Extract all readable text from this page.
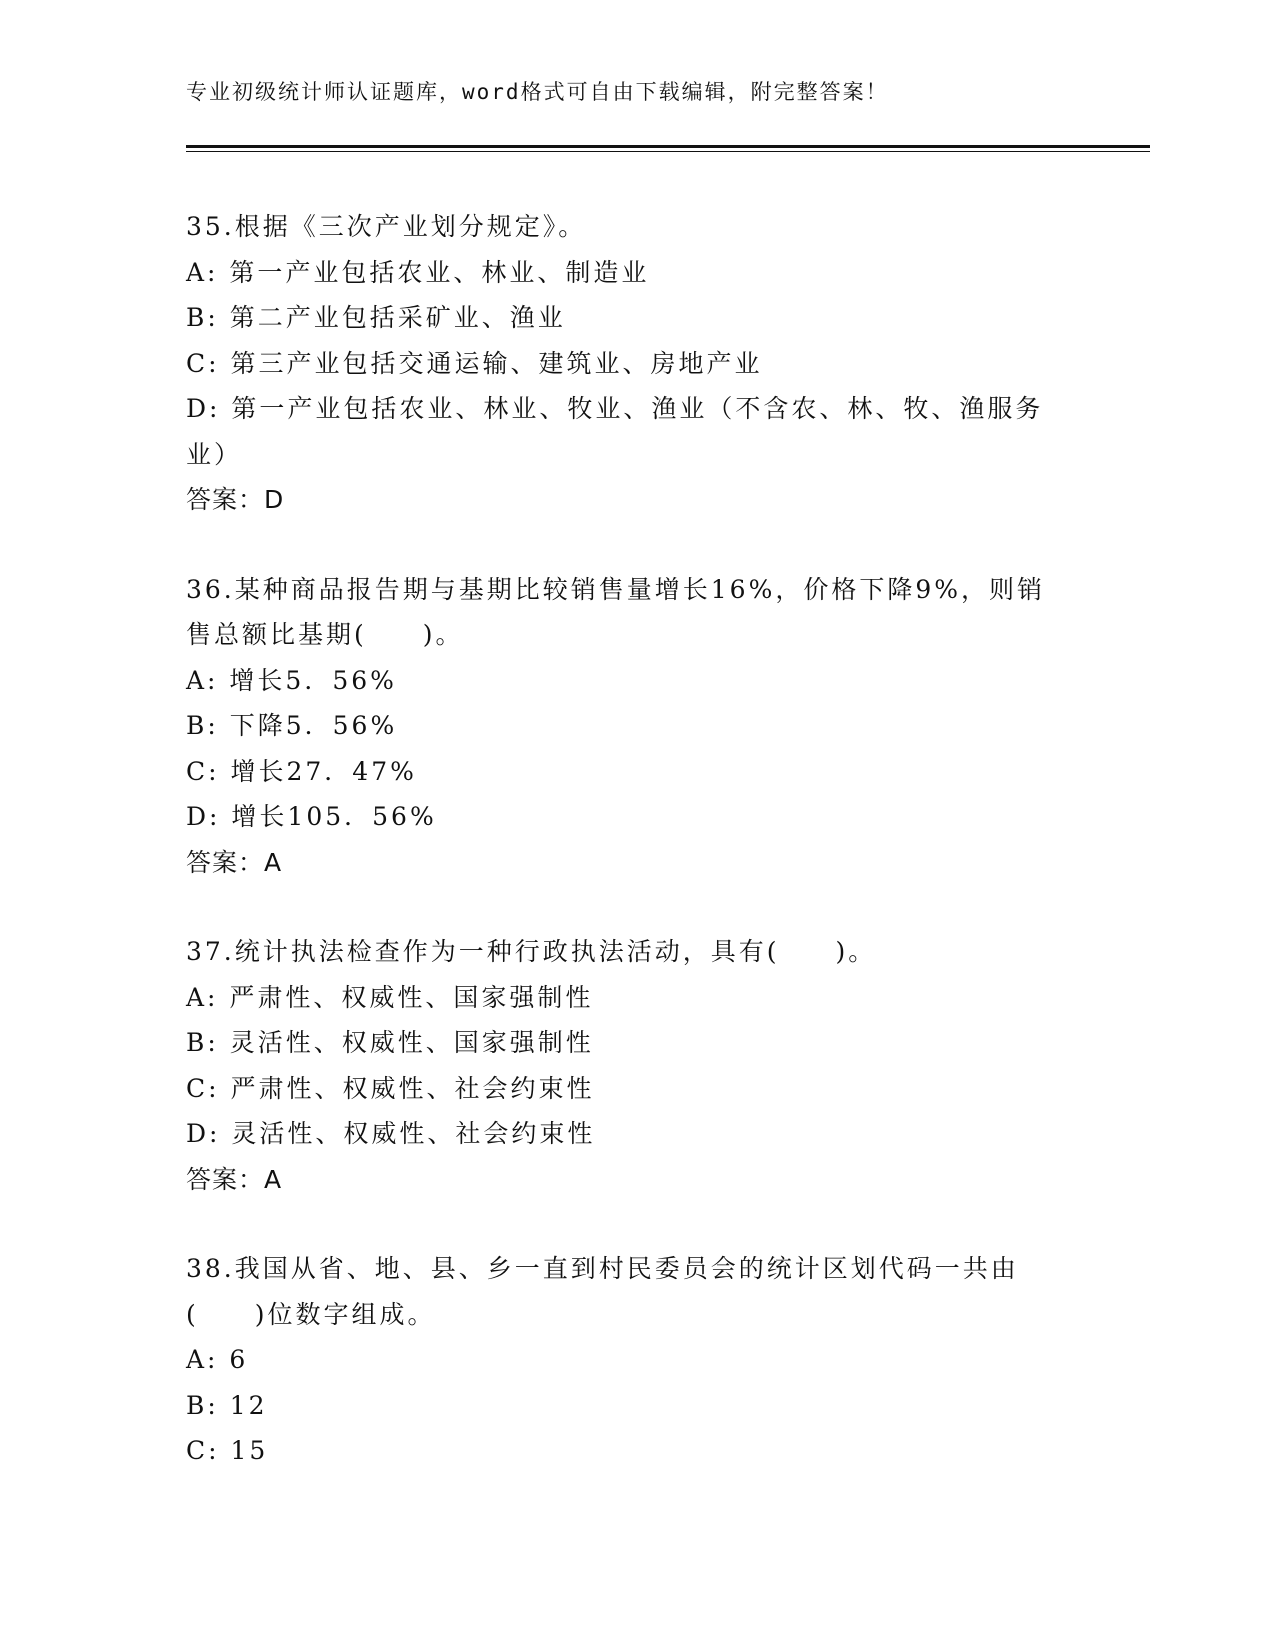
专业初级统计师认证题库，word格式可自由下载编辑，附完整答案！
35.根据《三次产业划分规定》。
A: 第一产业包括农业、林业、制造业
B: 第二产业包括采矿业、渔业
C: 第三产业包括交通运输、建筑业、房地产业
D: 第一产业包括农业、林业、牧业、渔业（不含农、林、牧、渔服务业）
答案：D
36.某种商品报告期与基期比较销售量增长16%，价格下降9%，则销售总额比基期(　　)。
A: 增长5．56%
B: 下降5．56%
C: 增长27．47%
D: 增长105．56%
答案：A
37.统计执法检查作为一种行政执法活动，具有(　　)。
A: 严肃性、权威性、国家强制性
B: 灵活性、权威性、国家强制性
C: 严肃性、权威性、社会约束性
D: 灵活性、权威性、社会约束性
答案：A
38.我国从省、地、县、乡一直到村民委员会的统计区划代码一共由(　　)位数字组成。
A: 6
B: 12
C: 15
